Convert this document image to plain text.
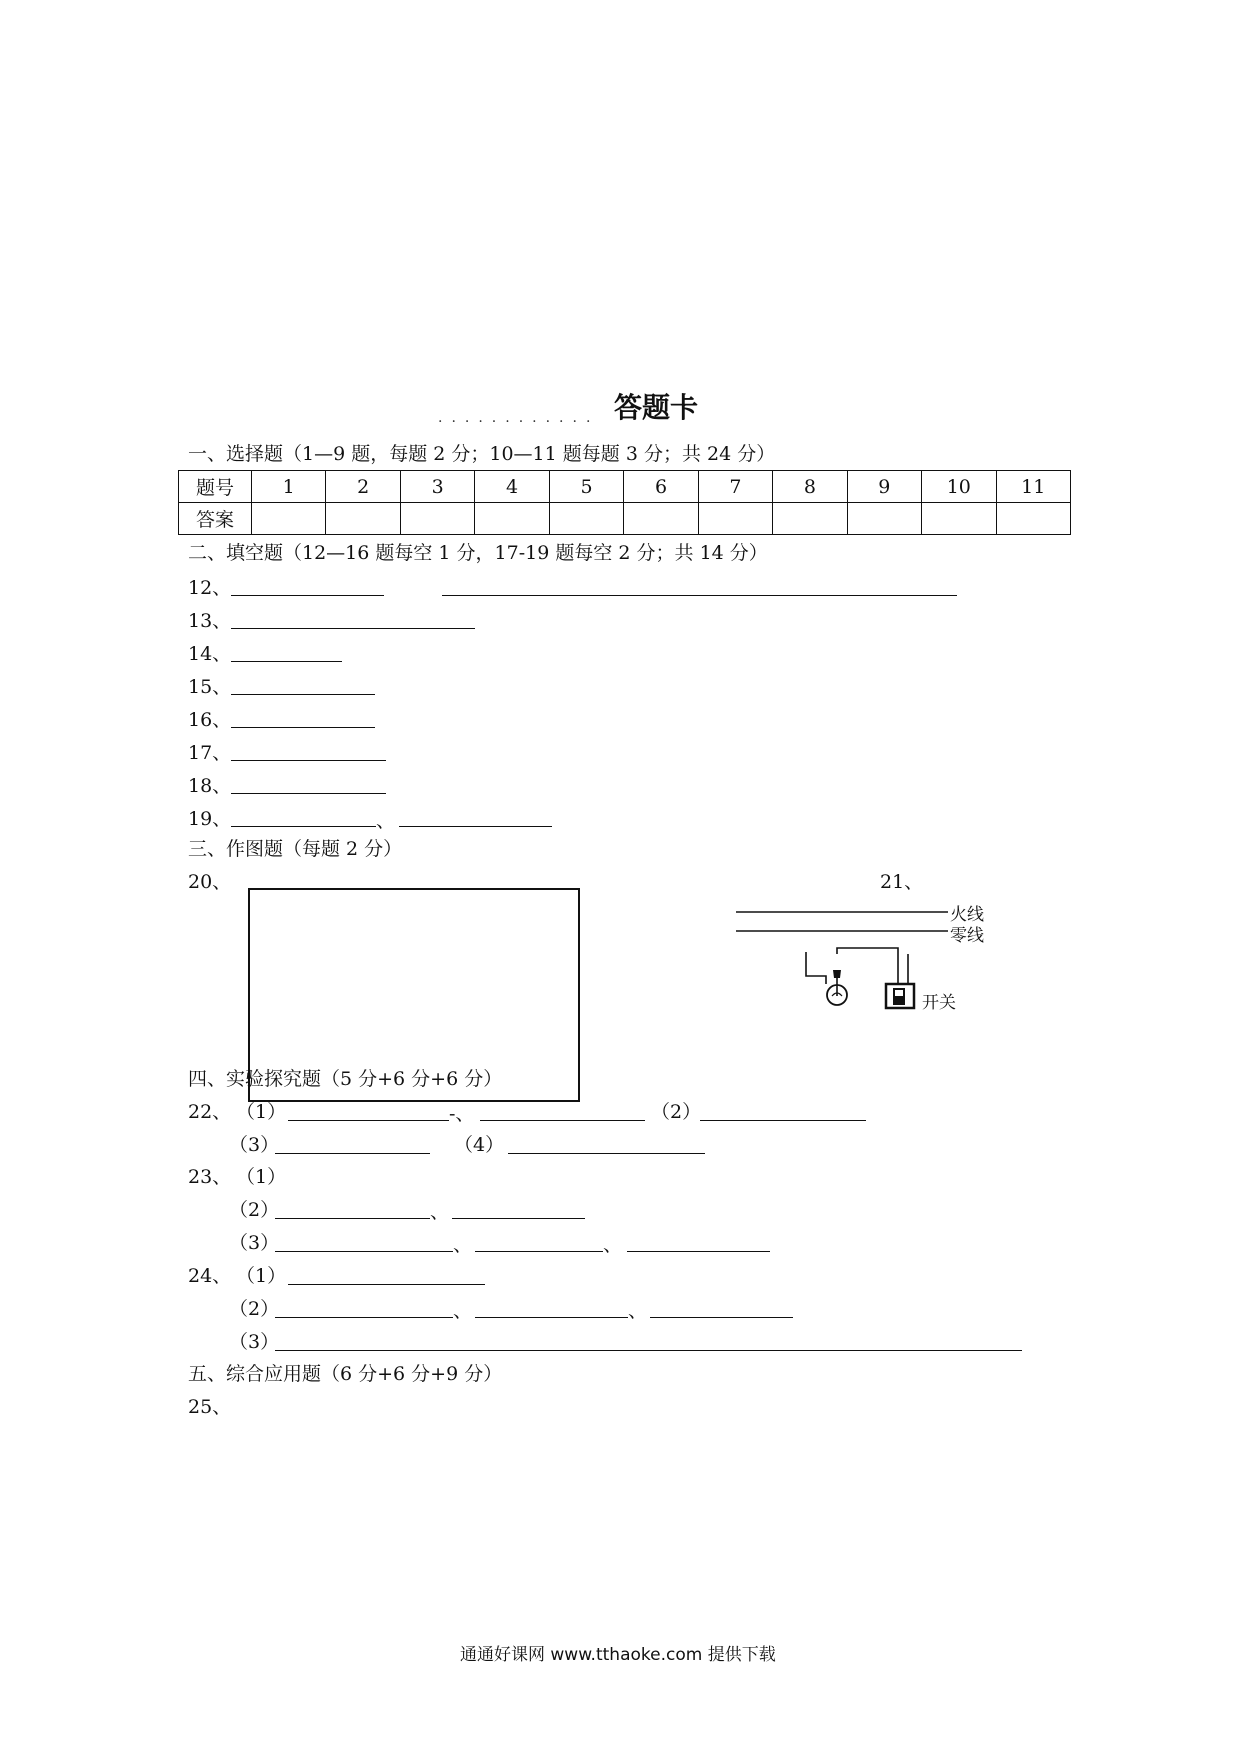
............ 答题卡
一、选择题（1—9 题，每题 2 分；10—11 题每题 3 分；共 24 分）
题号	1	2	3	4	5	6	7	8	9	10	11
答案											
二、填空题（12—16 题每空 1 分，17-19 题每空 2 分；共 14 分）
12、
13、
14、
15、
16、
17、
18、
19、	、
三、作图题（每题 2 分）
20、	21、
火线
零线
开关
四、实验探究题（5 分+6 分+6 分）
22、 （1）	-、	（2）
（3）	（4）
23、 （1）
（2）	、
（3）	、	、
24、 （1）
（2）	、	、
（3）
五、综合应用题（6 分+6 分+9 分）
25、
通通好课网 www.tthaoke.com 提供下载
